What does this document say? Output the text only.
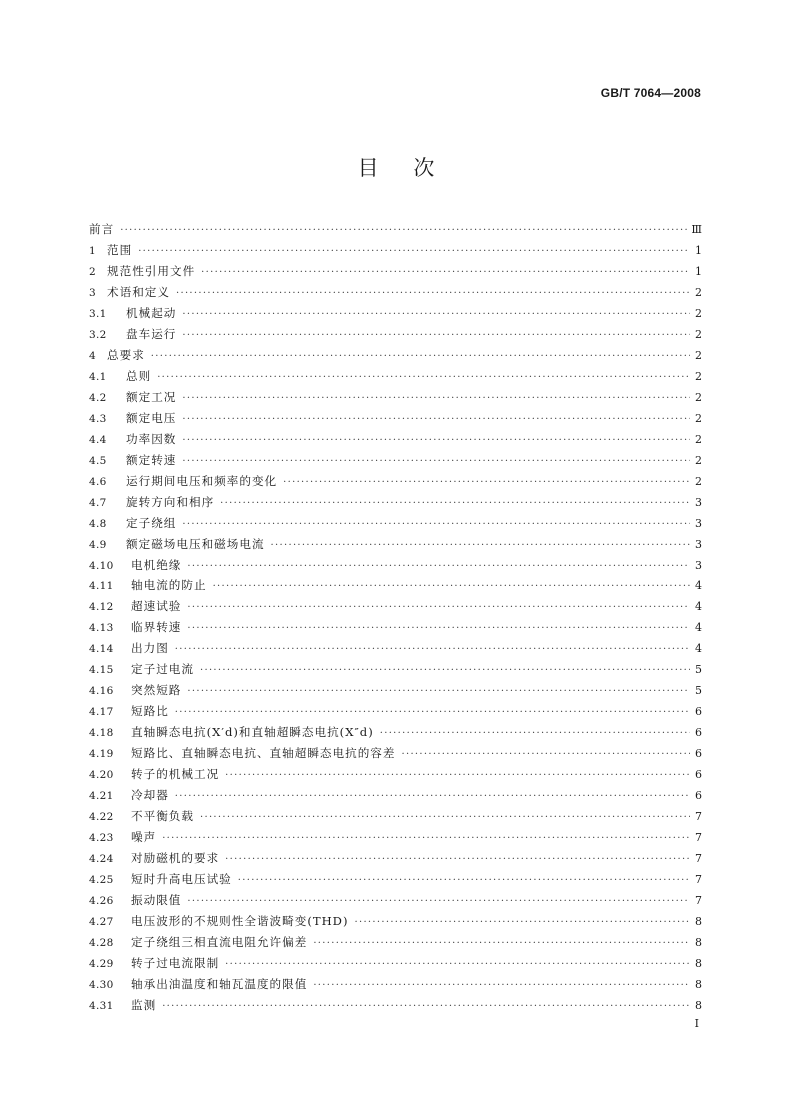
GB/T 7064—2008
目 次
前言 ·····	Ⅲ
1 范围 ·····	1
2 规范性引用文件 ·····	1
3 术语和定义 ·····	2
3.1	机械起动 ·····	2
3.2	盘车运行 ·····	2
4 总要求 ·····	2
4.1	总则 ·····	2
4.2	额定工况 ·····	2
4.3	额定电压 ·····	2
4.4	功率因数 ·····	2
4.5	额定转速 ·····	2
4.6	运行期间电压和频率的变化 ·····	2
4.7	旋转方向和相序 ·····	3
4.8	定子绕组 ·····	3
4.9	额定磁场电压和磁场电流 ·····	3
4.10	电机绝缘 ·····	3
4.11	轴电流的防止 ·····	4
4.12	超速试验 ·····	4
4.13	临界转速 ·····	4
4.14	出力图 ·····	4
4.15	定子过电流 ·····	5
4.16	突然短路 ·····	5
4.17	短路比 ·····	6
4.18	直轴瞬态电抗(X′d)和直轴超瞬态电抗(X″d) ·····	6
4.19	短路比、直轴瞬态电抗、直轴超瞬态电抗的容差 ·····	6
4.20	转子的机械工况 ·····	6
4.21	冷却器 ·····	6
4.22	不平衡负载 ·····	7
4.23	噪声 ·····	7
4.24	对励磁机的要求 ·····	7
4.25	短时升高电压试验 ·····	7
4.26	振动限值 ·····	7
4.27	电压波形的不规则性全谐波畸变(THD) ·····	8
4.28	定子绕组三相直流电阻允许偏差 ·····	8
4.29	转子过电流限制 ·····	8
4.30	轴承出油温度和轴瓦温度的限值 ·····	8
4.31	监测 ·····	8
I
